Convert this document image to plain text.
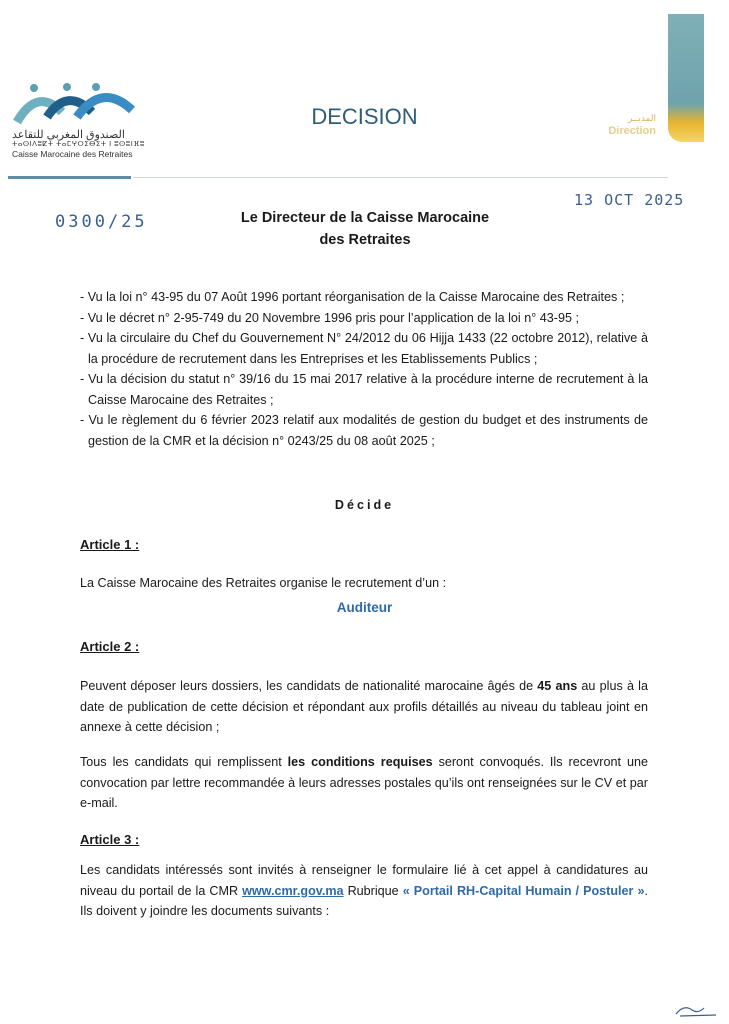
الصندوق المغربي للتقاعد
ⵜⴰⵙⵏⴷⵓⵇⵜ ⵜⴰⵎⵖⵔⵉⴱⵉⵜ ⵏ ⵓⵙⵓⵏⴼⵓ
Caisse Marocaine des Retraites
DECISION	المديــر
Direction
13 OCT 2025
0300/25	Le Directeur de la Caisse Marocaine
des Retraites

- Vu la loi n° 43-95 du 07 Août 1996 portant réorganisation de la Caisse Marocaine des Retraites ;

- Vu le décret n° 2-95-749 du 20 Novembre 1996 pris pour l’application de la loi n° 43-95 ;

- Vu la circulaire du Chef du Gouvernement N° 24/2012 du 06 Hijja 1433 (22 octobre 2012), relative à la procédure de recrutement dans les Entreprises et les Etablissements Publics ;

- Vu la décision du statut n° 39/16 du 15 mai 2017 relative à la procédure interne de recrutement à la Caisse Marocaine des Retraites ;

- Vu le règlement du 6 février 2023 relatif aux modalités de gestion du budget et des instruments de gestion de la CMR et la décision n° 0243/25 du 08 août 2025 ;

Décide
Article 1 :
La Caisse Marocaine des Retraites organise le recrutement d’un :
Auditeur
Article 2 :
Peuvent déposer leurs dossiers, les candidats de nationalité marocaine âgés de 45 ans au plus à la date de publication de cette décision et répondant aux profils détaillés au niveau du tableau joint en annexe à cette décision ;
Tous les candidats qui remplissent les conditions requises seront convoqués. Ils recevront une convocation par lettre recommandée à leurs adresses postales qu’ils ont renseignées sur le CV et par e-mail.
Article 3 :
Les candidats intéressés sont invités à renseigner le formulaire lié à cet appel à candidatures au niveau du portail de la CMR www.cmr.gov.ma Rubrique « Portail RH-Capital Humain / Postuler ». Ils doivent y joindre les documents suivants :
